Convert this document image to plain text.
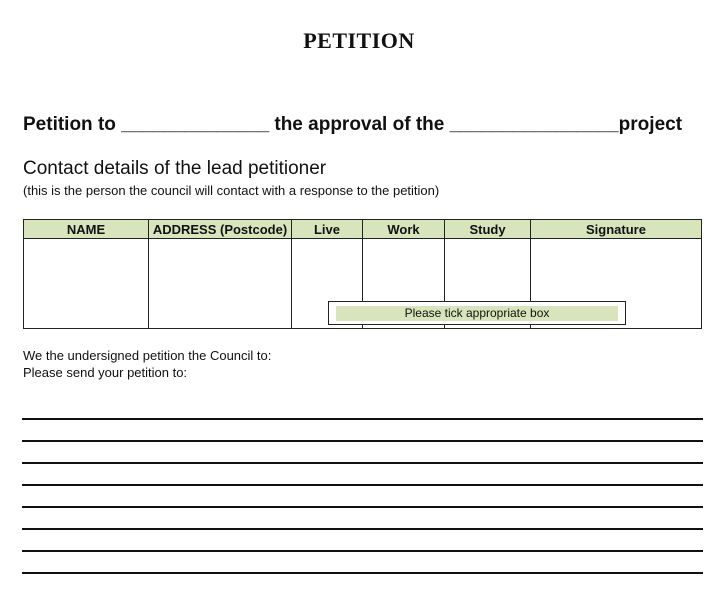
PETITION
Petition to ______________ the approval of the ________________project
Contact details of the lead petitioner
(this is the person the council will contact with a response to the petition)
NAME	ADDRESS (Postcode)	Live	Work	Study	Signature

Please tick appropriate box
We the undersigned petition the Council to:
Please send your petition to:
